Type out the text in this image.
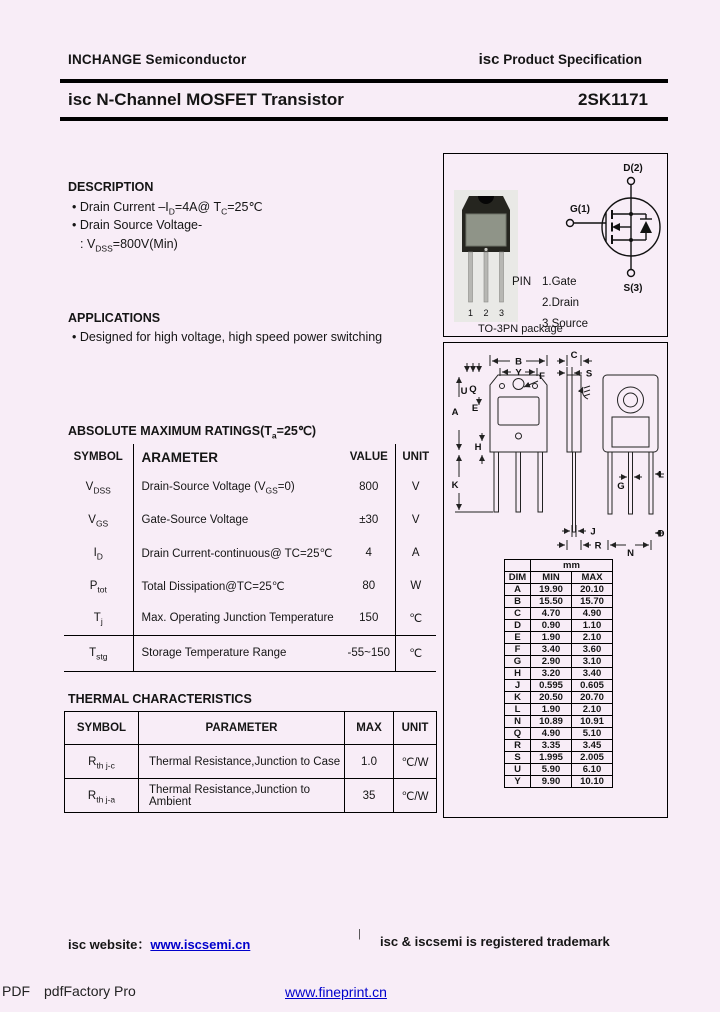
INCHANGE Semiconductor	isc Product Specification
isc N-Channel MOSFET Transistor	2SK1171
DESCRIPTION
• Drain Current $-I_D=4A@$ $T_C=25℃$
• Drain Source Voltage-
: $V_{DSS}=800V(Min)$
APPLICATIONS
• Designed for high voltage, high speed power switching
ABSOLUTE MAXIMUM $RATINGS(T_a=25℃)$
SYMBOL	ARAMETER	VALUE	UNIT
$V_{DSS}$	Drain-Source Voltage $(V_{GS}=0)$	800	V
$V_{GS}$	Gate-Source Voltage	±30	V
$I_D$	Drain Current-continuous@ TC=25℃	4	A
$P_{tot}$	Total Dissipation@TC=25℃	80	W
$T_j$	Max. Operating Junction Temperature	150	℃
$T_{stg}$	Storage Temperature Range	-55~150	℃
THERMAL CHARACTERISTICS
SYMBOL	PARAMETER	MAX	UNIT
$R_{th j-c}$	Thermal Resistance,Junction to Case	1.0	℃/W
$R_{th j-a}$	Thermal Resistance,Junction to Ambient	35	℃/W
1 2 3
D(2)
G(1)
S(3)
PIN 1.Gate
2.Drain
3.Source
TO-3PN package
B
Y F
U Q
E
A
H
K
C
S
J
R
G
L
D
N
	mm	
DIM	MIN	MAX
A	19.90	20.10
B	15.50	15.70
C	4.70	4.90
D	0.90	1.10
E	1.90	2.10
F	3.40	3.60
G	2.90	3.10
H	3.20	3.40
J	0.595	0.605
K	20.50	20.70
L	1.90	2.10
N	10.89	10.91
Q	4.90	5.10
R	3.35	3.45
S	1.995	2.005
U	5.90	6.10
Y	9.90	10.10
isc website：www.iscsemi.cn
| isc & iscsemi is registered trademark
PDF pdfFactory Pro	www.fineprint.cn
